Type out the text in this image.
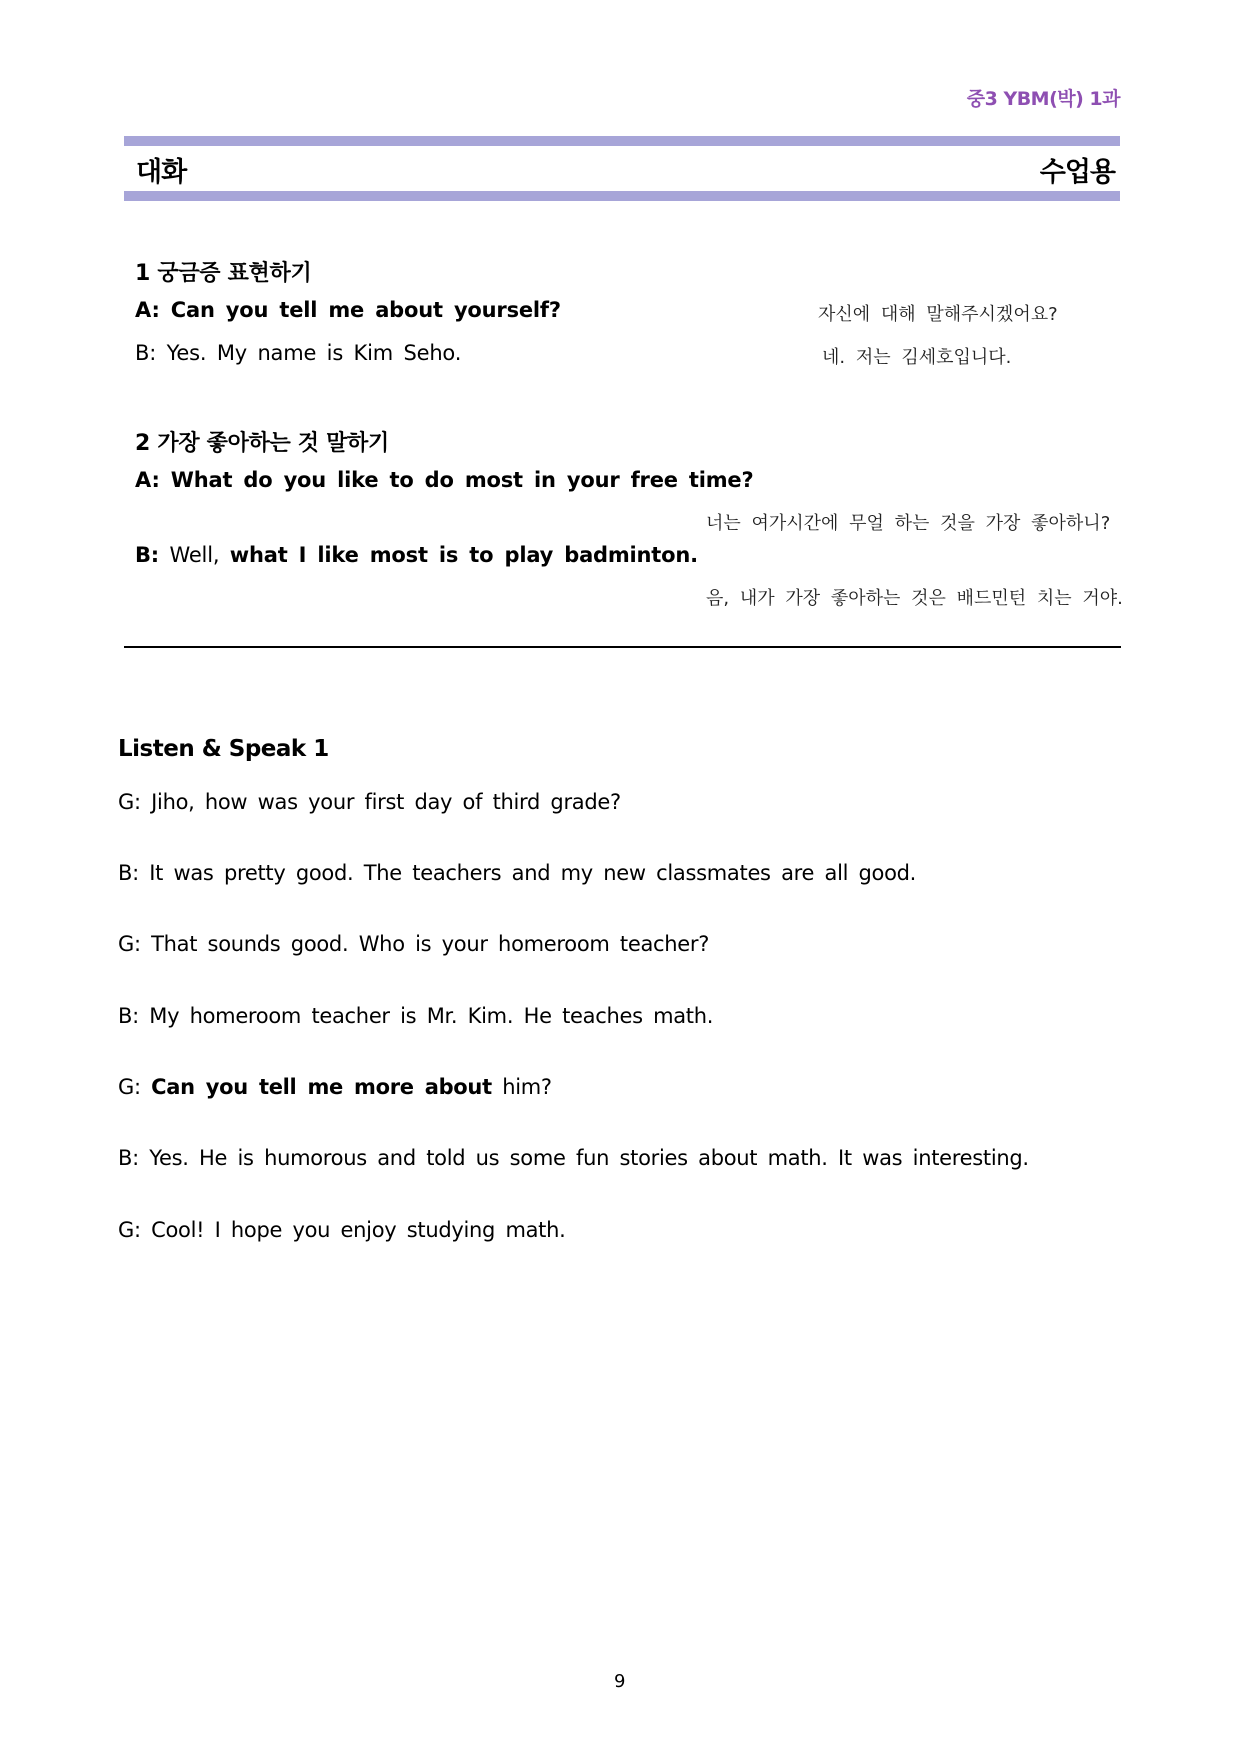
중3 YBM(박) 1과
대화	수업용
1 궁금증 표현하기
A: Can you tell me about yourself?	자신에 대해 말해주시겠어요?
B: Yes. My name is Kim Seho.	네. 저는 김세호입니다.
2 가장 좋아하는 것 말하기
A: What do you like to do most in your free time?
너는 여가시간에 무얼 하는 것을 가장 좋아하니?
B: Well, what I like most is to play badminton.
음, 내가 가장 좋아하는 것은 배드민턴 치는 거야.
Listen & Speak 1
G: Jiho, how was your first day of third grade?
B: It was pretty good. The teachers and my new classmates are all good.
G: That sounds good. Who is your homeroom teacher?
B: My homeroom teacher is Mr. Kim. He teaches math.
G: Can you tell me more about him?
B: Yes. He is humorous and told us some fun stories about math. It was interesting.
G: Cool! I hope you enjoy studying math.
9
